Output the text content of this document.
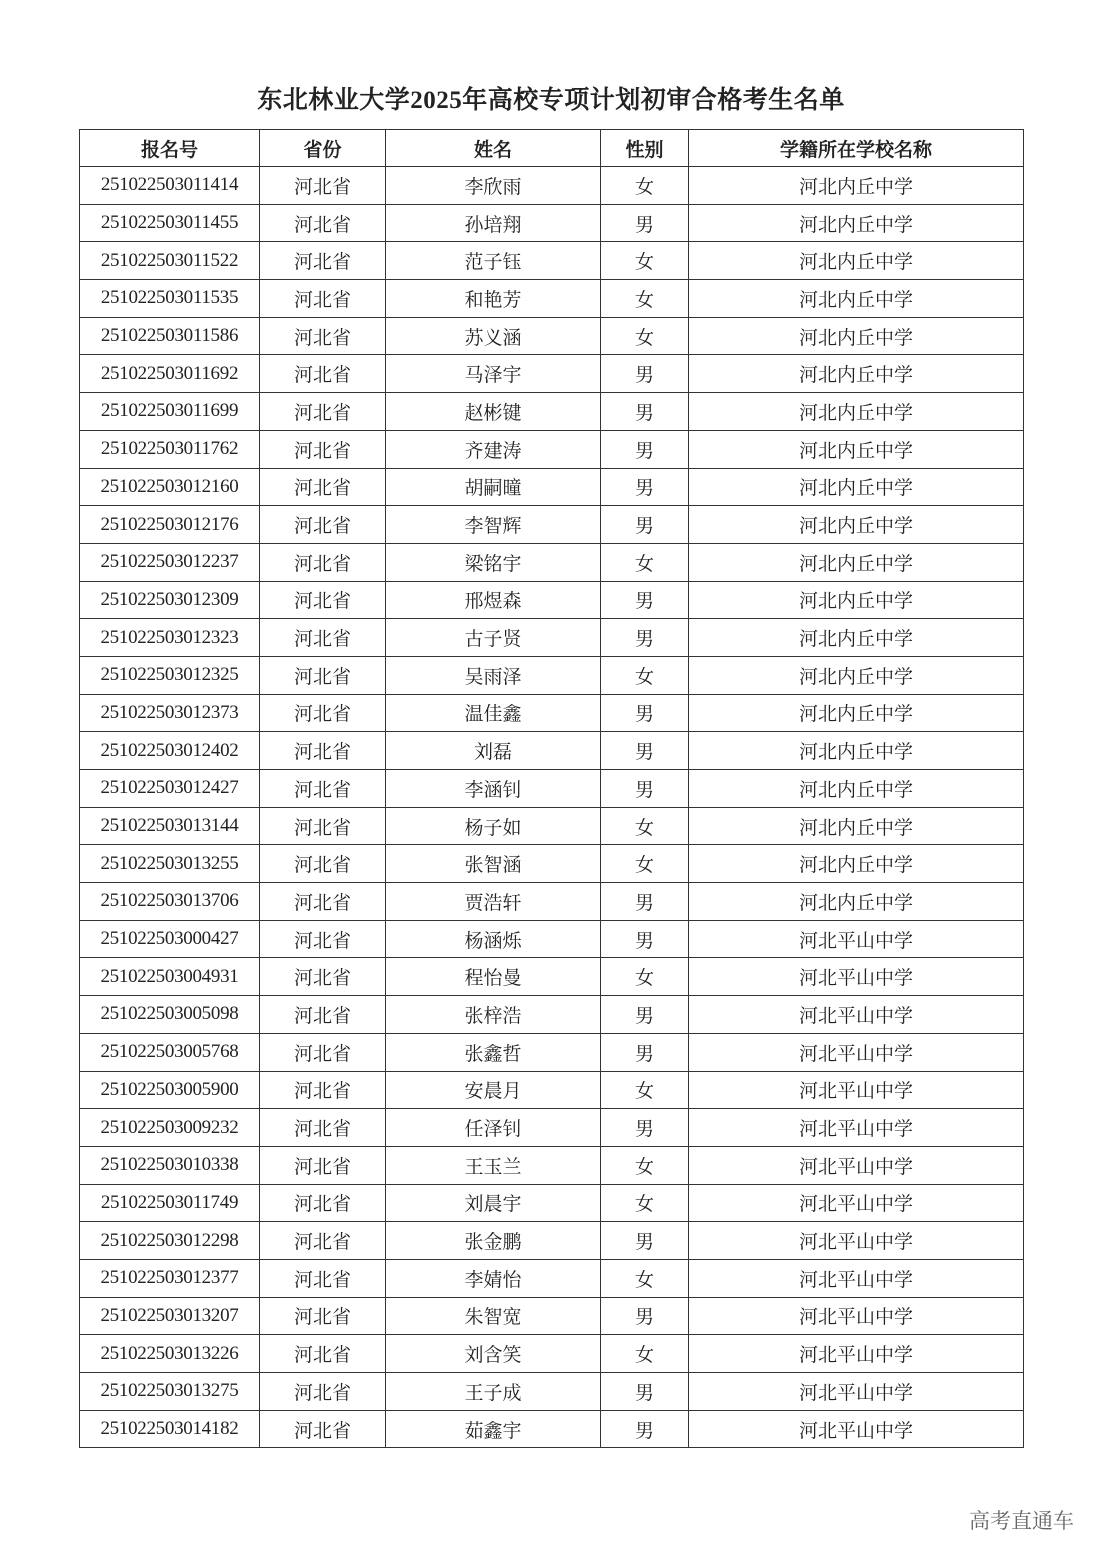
东北林业大学2025年高校专项计划初审合格考生名单
报名号	省份	姓名	性别	学籍所在学校名称
251022503011414	河北省	李欣雨	女	河北内丘中学
251022503011455	河北省	孙培翔	男	河北内丘中学
251022503011522	河北省	范子钰	女	河北内丘中学
251022503011535	河北省	和艳芳	女	河北内丘中学
251022503011586	河北省	苏义涵	女	河北内丘中学
251022503011692	河北省	马泽宇	男	河北内丘中学
251022503011699	河北省	赵彬键	男	河北内丘中学
251022503011762	河北省	齐建涛	男	河北内丘中学
251022503012160	河北省	胡嗣曈	男	河北内丘中学
251022503012176	河北省	李智辉	男	河北内丘中学
251022503012237	河北省	梁铭宇	女	河北内丘中学
251022503012309	河北省	邢煜森	男	河北内丘中学
251022503012323	河北省	古子贤	男	河北内丘中学
251022503012325	河北省	吴雨泽	女	河北内丘中学
251022503012373	河北省	温佳鑫	男	河北内丘中学
251022503012402	河北省	刘磊	男	河北内丘中学
251022503012427	河北省	李涵钊	男	河北内丘中学
251022503013144	河北省	杨子如	女	河北内丘中学
251022503013255	河北省	张智涵	女	河北内丘中学
251022503013706	河北省	贾浩轩	男	河北内丘中学
251022503000427	河北省	杨涵烁	男	河北平山中学
251022503004931	河北省	程怡曼	女	河北平山中学
251022503005098	河北省	张梓浩	男	河北平山中学
251022503005768	河北省	张鑫哲	男	河北平山中学
251022503005900	河北省	安晨月	女	河北平山中学
251022503009232	河北省	任泽钊	男	河北平山中学
251022503010338	河北省	王玉兰	女	河北平山中学
251022503011749	河北省	刘晨宇	女	河北平山中学
251022503012298	河北省	张金鹏	男	河北平山中学
251022503012377	河北省	李婧怡	女	河北平山中学
251022503013207	河北省	朱智宽	男	河北平山中学
251022503013226	河北省	刘含笑	女	河北平山中学
251022503013275	河北省	王子成	男	河北平山中学
251022503014182	河北省	茹鑫宇	男	河北平山中学
高考直通车
